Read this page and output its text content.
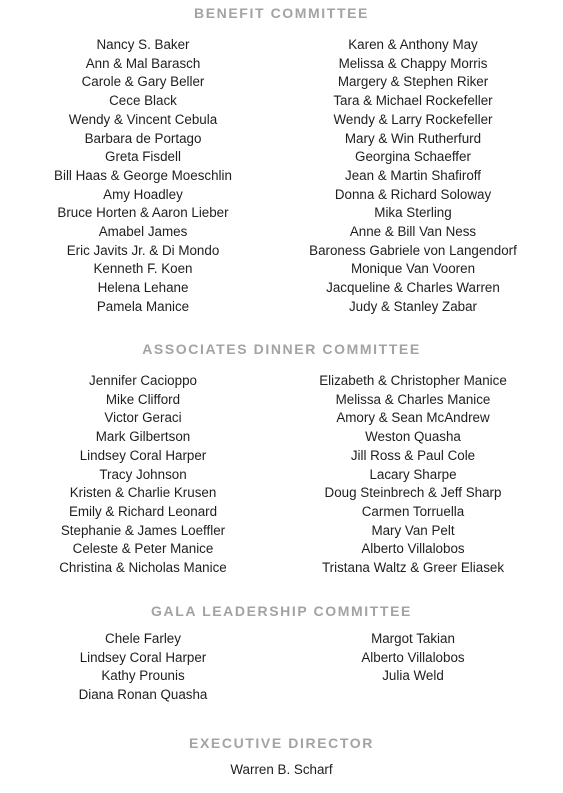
BENEFIT COMMITTEE
Nancy S. Baker
Ann & Mal Barasch
Carole & Gary Beller
Cece Black
Wendy & Vincent Cebula
Barbara de Portago
Greta Fisdell
Bill Haas & George Moeschlin
Amy Hoadley
Bruce Horten & Aaron Lieber
Amabel James
Eric Javits Jr. & Di Mondo
Kenneth F. Koen
Helena Lehane
Pamela Manice
Karen & Anthony May
Melissa & Chappy Morris
Margery & Stephen Riker
Tara & Michael Rockefeller
Wendy & Larry Rockefeller
Mary & Win Rutherfurd
Georgina Schaeffer
Jean & Martin Shafiroff
Donna & Richard Soloway
Mika Sterling
Anne & Bill Van Ness
Baroness Gabriele von Langendorf
Monique Van Vooren
Jacqueline & Charles Warren
Judy & Stanley Zabar
ASSOCIATES DINNER COMMITTEE
Jennifer Cacioppo
Mike Clifford
Victor Geraci
Mark Gilbertson
Lindsey Coral Harper
Tracy Johnson
Kristen & Charlie Krusen
Emily & Richard Leonard
Stephanie & James Loeffler
Celeste & Peter Manice
Christina & Nicholas Manice
Elizabeth & Christopher Manice
Melissa & Charles Manice
Amory & Sean McAndrew
Weston Quasha
Jill Ross & Paul Cole
Lacary Sharpe
Doug Steinbrech & Jeff Sharp
Carmen Torruella
Mary Van Pelt
Alberto Villalobos
Tristana Waltz & Greer Eliasek
GALA LEADERSHIP COMMITTEE
Chele Farley
Lindsey Coral Harper
Kathy Prounis
Diana Ronan Quasha
Margot Takian
Alberto Villalobos
Julia Weld
EXECUTIVE DIRECTOR
Warren B. Scharf
